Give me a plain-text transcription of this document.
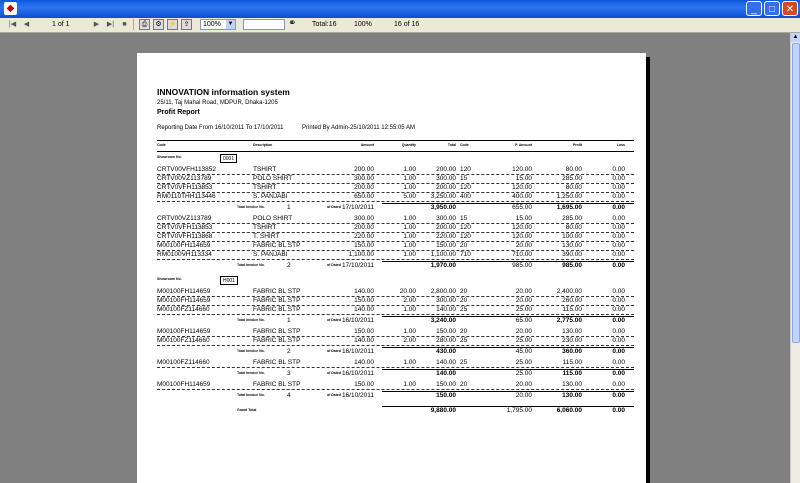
◆	_	□	✕
|◀ ◀	1 of 1	▶ ▶|	■	⎙	⚙ ⚡ ⇪	100% ▼	⚭ Total:16 100%	16 of 16
INNOVATION information system
25/11, Taj Mahal Road, MDPUR, Dhaka-1205
Profit Report
Reporting Date From 16/10/2011 To 17/10/2011	Printed By Admin-25/10/2011 12:55:05 AM
Code	Description	Amount	Quantity	Total Code	P. Amount	Profit	Loss
Showroom No.	0001
CRTV00VFH113852	TSHIRT	200.00	1.00	200.00 120	120.00	80.00	0.00
CRTV00VZ113789	POLO SHIRT	300.00	1.00	300.00 15	15.00	285.00	0.00
CRTV0VFH113853	TSHIRT	200.00	1.00	200.00 120	120.00	80.00	0.00
RM0110THH113446	S. PANJABI	650.00	5.00	3,250.00 400	400.00	1,250.00	0.00
Total Invoice No.	1	of Dated 17/10/2011	3,950.00	655.00	1,695.00	0.00
CRTV00VZ113789	POLO SHIRT	300.00	1.00	300.00 15	15.00	285.00	0.00
CRTV0VFH113853	TSHIRT	200.00	1.00	200.00 120	120.00	80.00	0.00
CRTV0VFH113868	T. SHIRT	220.00	1.00	220.00 120	120.00	100.00	0.00
M00100FH114659	FABRIC BL STP	150.00	1.00	150.00 20	20.00	130.00	0.00
RM0100VH113334	S. PANJABI	1,100.00	1.00	1,100.00 710	710.00	390.00	0.00
Total Invoice No.	2	of Dated 17/10/2011	1,970.00	985.00	985.00	0.00
Showroom No.	H001
M00100FH114659	FABRIC BL STP	140.00	20.00	2,800.00 20	20.00	2,400.00	0.00
M00100FH114659	FABRIC BL STP	150.00	2.00	300.00 20	20.00	260.00	0.00
M00100FZ114660	FABRIC BL STP	140.00	1.00	140.00 25	25.00	115.00	0.00
Total Invoice No.	1	of Dated 16/10/2011	3,240.00	65.00	2,775.00	0.00
M00100FH114659	FABRIC BL STP	150.00	1.00	150.00 20	20.00	130.00	0.00
M00100FZ114660	FABRIC BL STP	140.00	2.00	280.00 25	25.00	230.00	0.00
Total Invoice No.	2	of Dated 16/10/2011	430.00	45.00	360.00	0.00
M00100FZ114660	FABRIC BL STP	140.00	1.00	140.00 25	25.00	115.00	0.00
Total Invoice No.	3	of Dated 16/10/2011	140.00	25.00	115.00	0.00
M00100FH114659	FABRIC BL STP	150.00	1.00	150.00 20	20.00	130.00	0.00
Total Invoice No.	4	of Dated 16/10/2011	150.00	20.00	130.00	0.00
Grand Total	9,880.00	1,795.00	6,060.00	0.00
▲
